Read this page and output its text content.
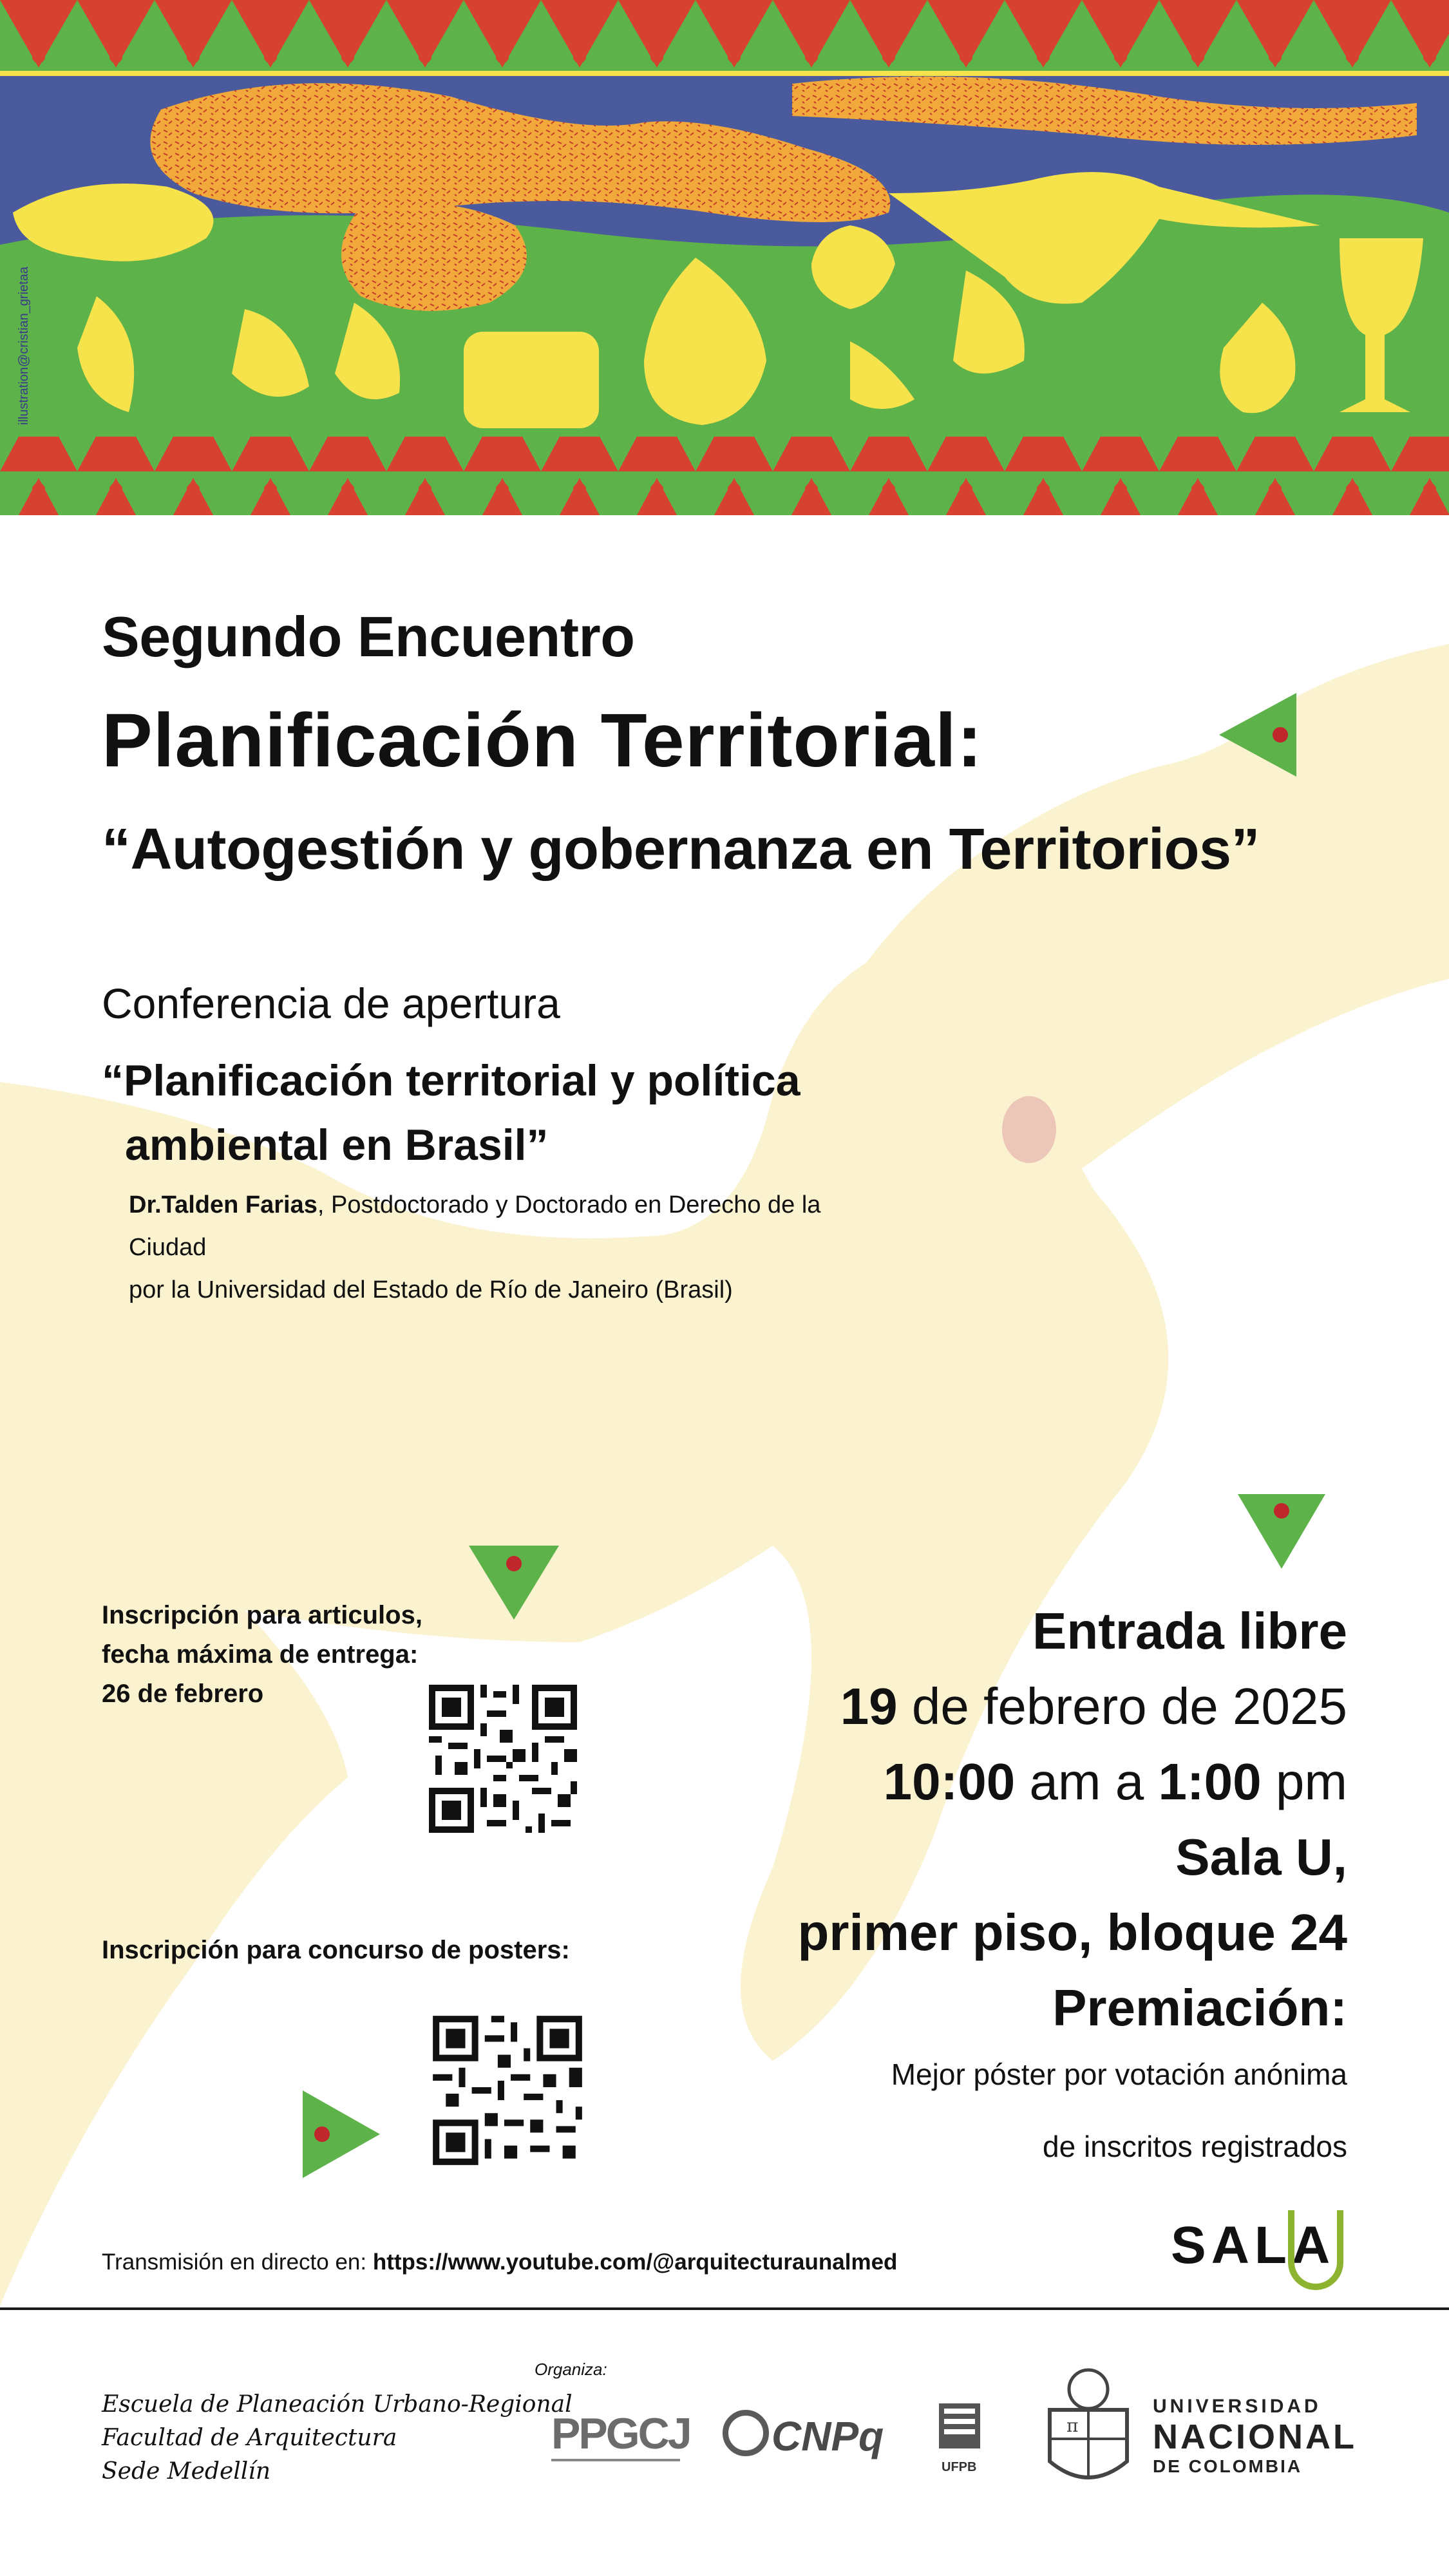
illustration@cristian_grietaa
Segundo Encuentro
Planificación Territorial:
“Autogestión y gobernanza en Territorios”
Conferencia de apertura
“Planificación territorial y política
ambiental en Brasil”
Dr.Talden Farias, Postdoctorado y Doctorado en Derecho de la Ciudad
por la Universidad del Estado de Río de Janeiro (Brasil)
Inscripción para articulos,
fecha máxima de entrega:
26 de febrero
Inscripción para concurso de posters:
Entrada libre
19 de febrero de 2025
10:00 am a 1:00 pm
Sala U,
primer piso, bloque 24
Premiación:
Mejor póster por votación anónima
de inscritos registrados
Transmisión en directo en: https://www.youtube.com/@arquitecturaunalmed	SALA
Escuela de Planeación Urbano-Regional
Facultad de Arquitectura
Sede Medellín
Organiza:
PPGCJ CNPq
UFPB
π
UNIVERSIDAD
NACIONAL
DE COLOMBIA
